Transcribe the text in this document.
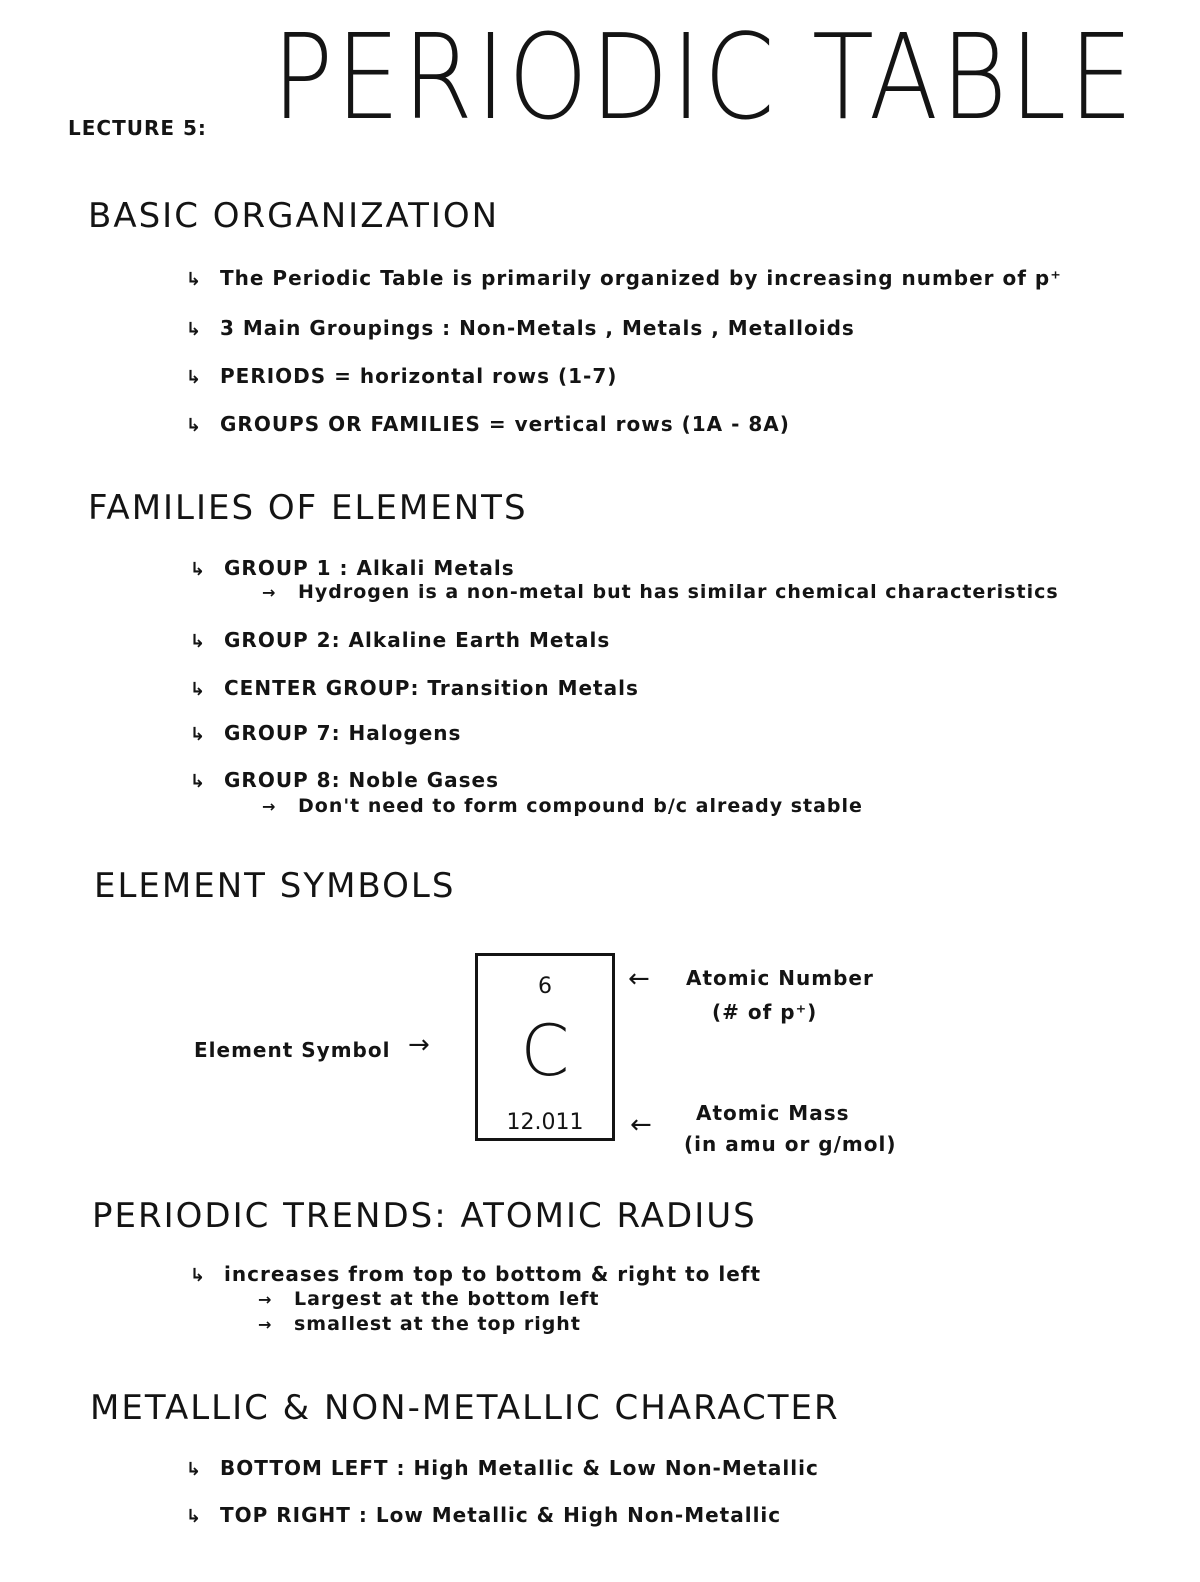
LECTURE 5: PERIODIC TABLE
BASIC ORGANIZATION
↳ The Periodic Table is primarily organized by increasing number of p⁺
↳ 3 Main Groupings : Non-Metals , Metals , Metalloids
↳ PERIODS = horizontal rows (1-7)
↳ GROUPS OR FAMILIES = vertical rows (1A - 8A)
FAMILIES OF ELEMENTS
↳ GROUP 1 : Alkali Metals
→ Hydrogen is a non-metal but has similar chemical characteristics
↳ GROUP 2: Alkaline Earth Metals
↳ CENTER GROUP: Transition Metals
↳ GROUP 7: Halogens
↳ GROUP 8: Noble Gases
→ Don't need to form compound b/c already stable
ELEMENT SYMBOLS
Element Symbol →
6
C
12.011
← Atomic Number
(# of p⁺)
← Atomic Mass
(in amu or g/mol)
PERIODIC TRENDS: ATOMIC RADIUS
↳ increases from top to bottom & right to left
→ Largest at the bottom left
→ smallest at the top right
METALLIC & NON-METALLIC CHARACTER
↳ BOTTOM LEFT : High Metallic & Low Non-Metallic
↳ TOP RIGHT : Low Metallic & High Non-Metallic
